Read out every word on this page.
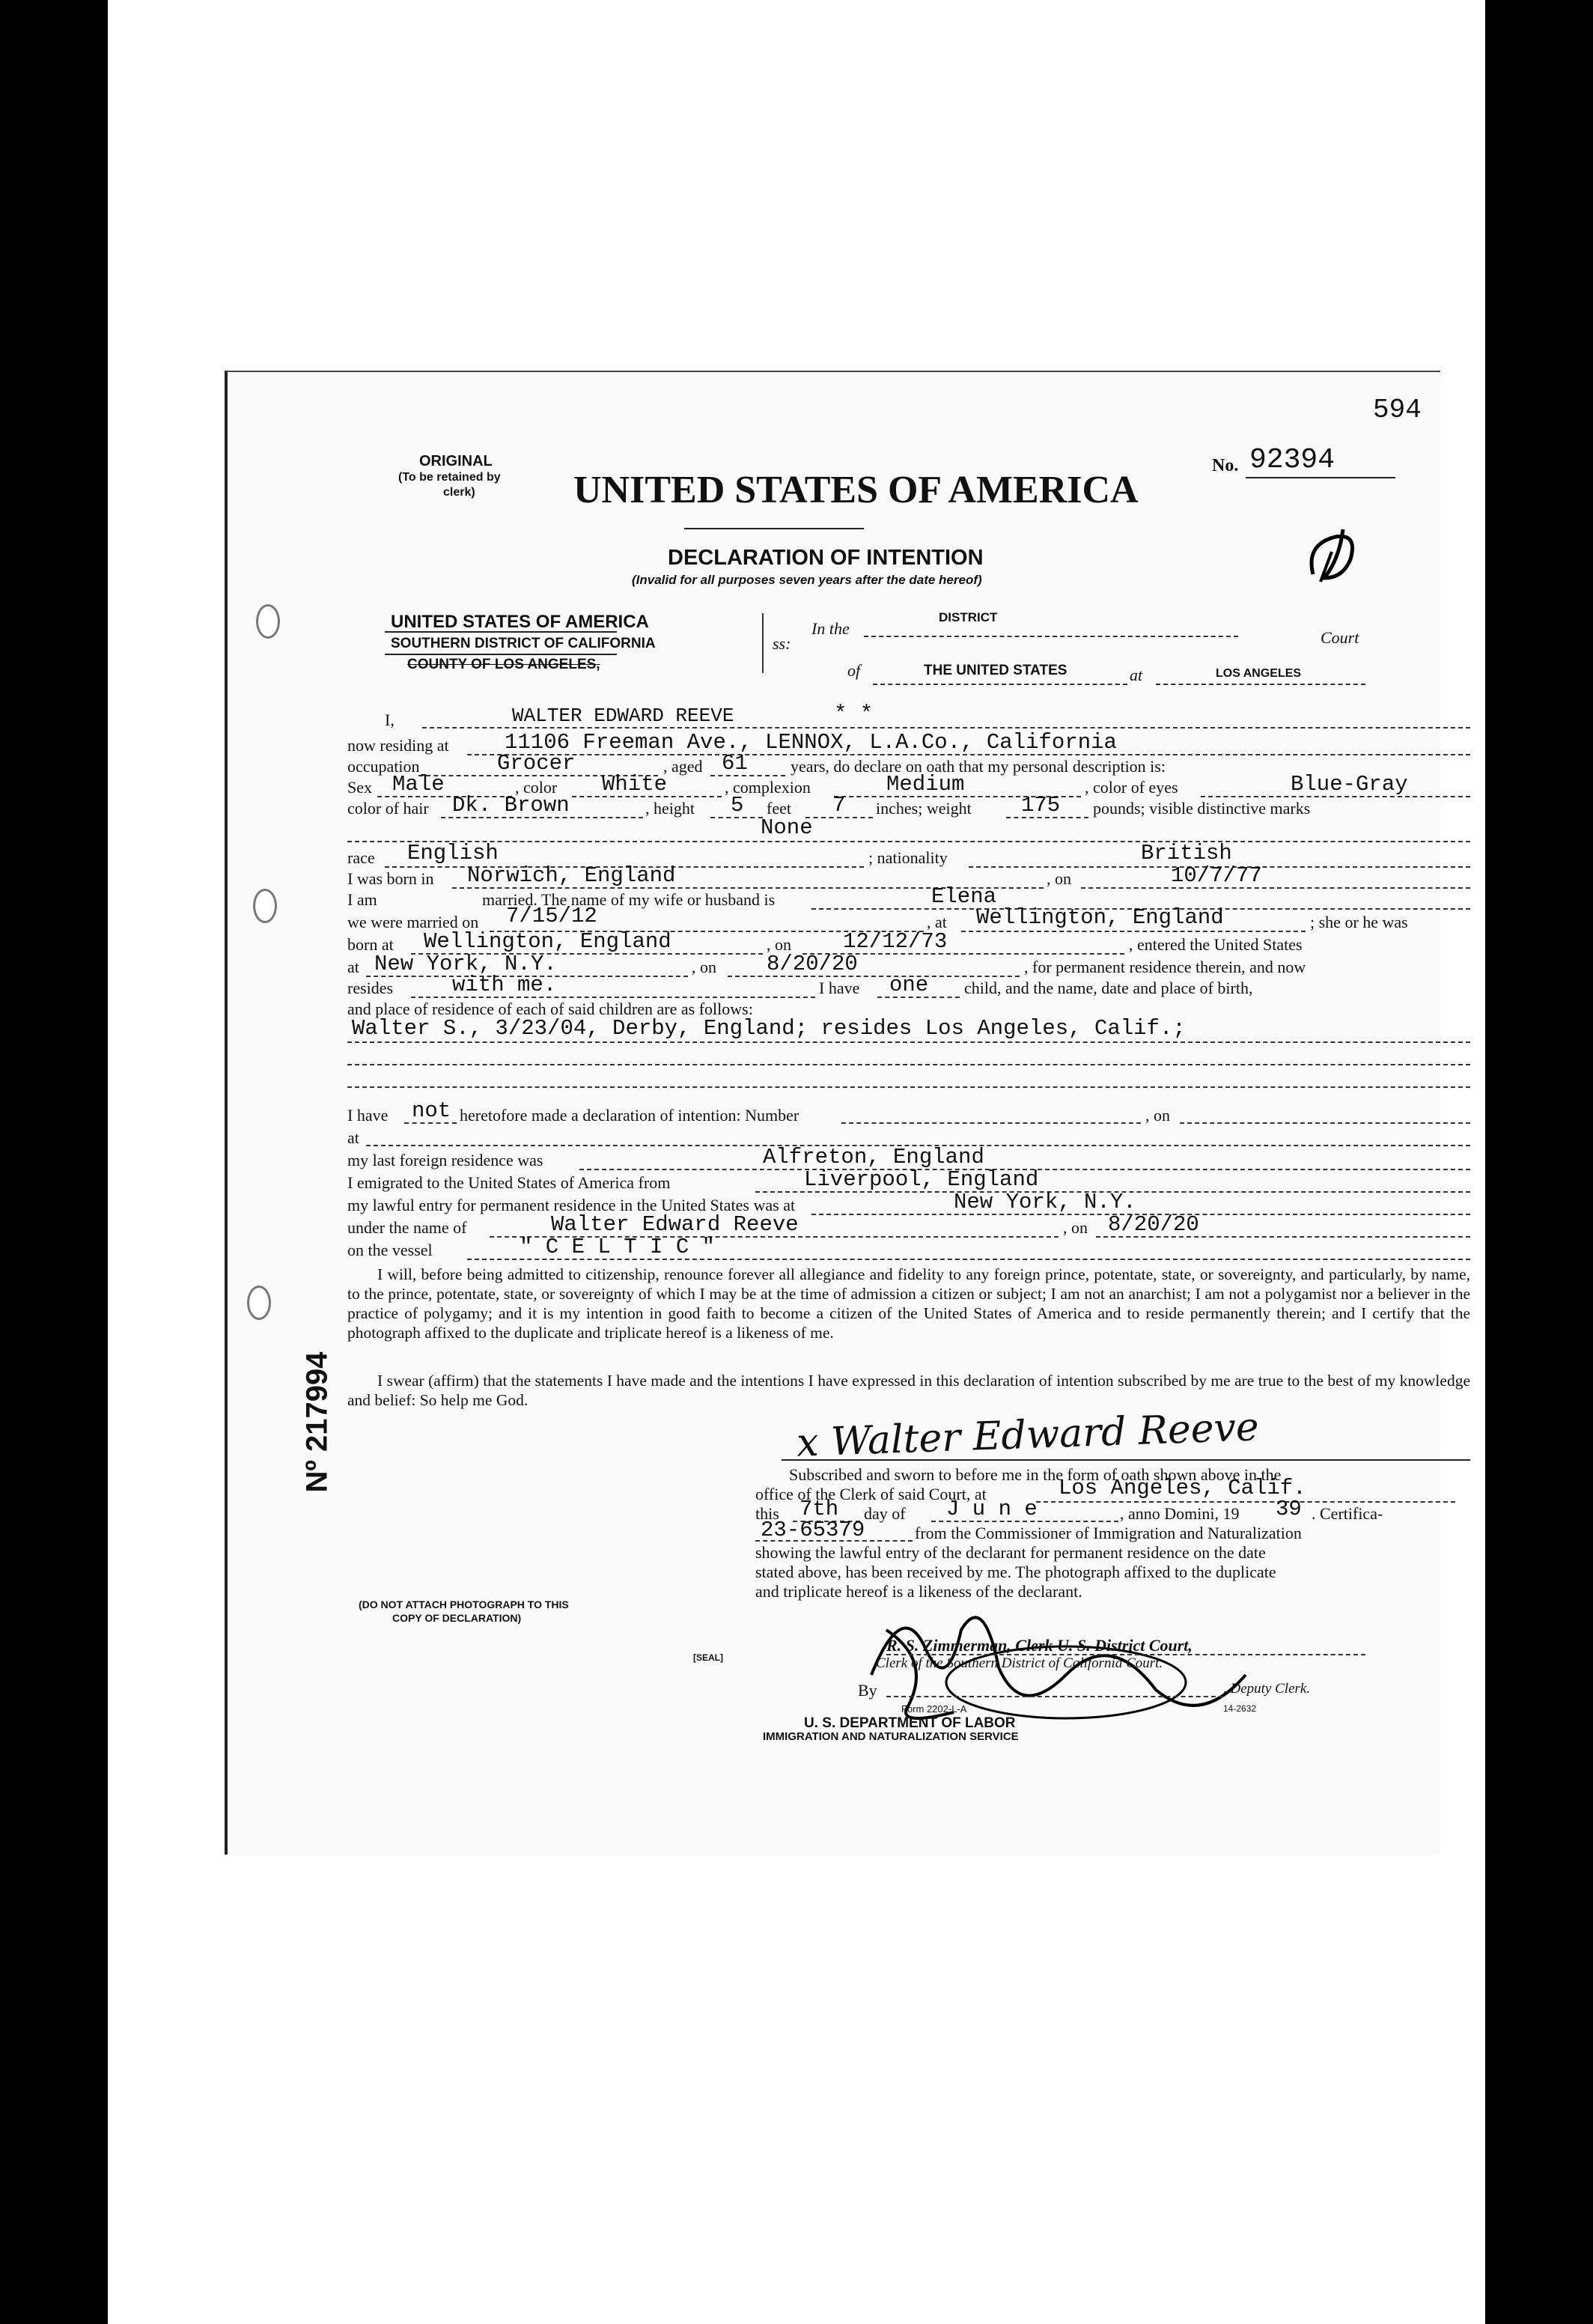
594
ORIGINAL
(To be retained by
clerk)	UNITED STATES OF AMERICA
No. 92394
DECLARATION OF INTENTION
(Invalid for all purposes seven years after the date hereof)
UNITED STATES OF AMERICA
SOUTHERN DISTRICT OF CALIFORNIA
COUNTY OF LOS ANGELES,
ss:
In the
DISTRICT
Court
of	THE UNITED STATES	at	LOS ANGELES
I,	WALTER EDWARD REEVE	* *
now residing at	11106 Freeman Ave., LENNOX, L.A.Co., California
occupation	Grocer	, aged 61	years, do declare on oath that my personal description is:
Sex Male	, color White	, complexion	Medium	, color of eyes	Blue-Gray
color of hair Dk. Brown	, height 5 feet 7 inches; weight 175 pounds; visible distinctive marks
None
race English	; nationality	British
I was born in Norwich, England	, on	10/7/77
I am	married. The name of my wife or husband is	Elena
we were married on 7/15/12	, at Wellington, England	; she or he was
born at Wellington, England	, on 12/12/73	, entered the United States
at New York, N.Y.	, on 8/20/20	, for permanent residence therein, and now
resides	with me.	I have one child, and the name, date and place of birth,
and place of residence of each of said children are as follows:
Walter S., 3/23/04, Derby, England; resides Los Angeles, Calif.;
I have not heretofore made a declaration of intention: Number	, on
at
my last foreign residence was	Alfreton, England
I emigrated to the United States of America from	Liverpool, England
my lawful entry for permanent residence in the United States was at	New York, N.Y.
under the name of	Walter Edward Reeve	, on 8/20/20
on the vessel	" C E L T I C "
I will, before being admitted to citizenship, renounce forever all allegiance and fidelity to any foreign prince, potentate, state, or sovereignty, and particularly, by name, to the prince, potentate, state, or sovereignty of which I may be at the time of admission a citizen or subject; I am not an anarchist; I am not a polygamist nor a believer in the practice of polygamy; and it is my intention in good faith to become a citizen of the United States of America and to reside permanently therein; and I certify that the photograph affixed to the duplicate and triplicate hereof is a likeness of me.
I swear (affirm) that the statements I have made and the intentions I have expressed in this declaration of intention subscribed by me are true to the best of my knowledge and belief: So help me God.
x Walter Edward Reeve
Subscribed and sworn to before me in the form of oath shown above in the
office of the Clerk of said Court, at	Los Angeles, Calif.
this 7th day of J u n e	, anno Domini, 19 39 . Certifica-
23-65379	from the Commissioner of Immigration and Naturalization
showing the lawful entry of the declarant for permanent residence on the date
stated above, has been received by me. The photograph affixed to the duplicate
and triplicate hereof is a likeness of the declarant.
R. S. Zimmerman, Clerk U. S. District Court,
Clerk of the Southern District of California Court.
By	, Deputy Clerk.
(DO NOT ATTACH PHOTOGRAPH TO THIS
COPY OF DECLARATION)
[SEAL]
Form 2202-L-A	14-2632
U. S. DEPARTMENT OF LABOR
IMMIGRATION AND NATURALIZATION SERVICE
Nº 217994
